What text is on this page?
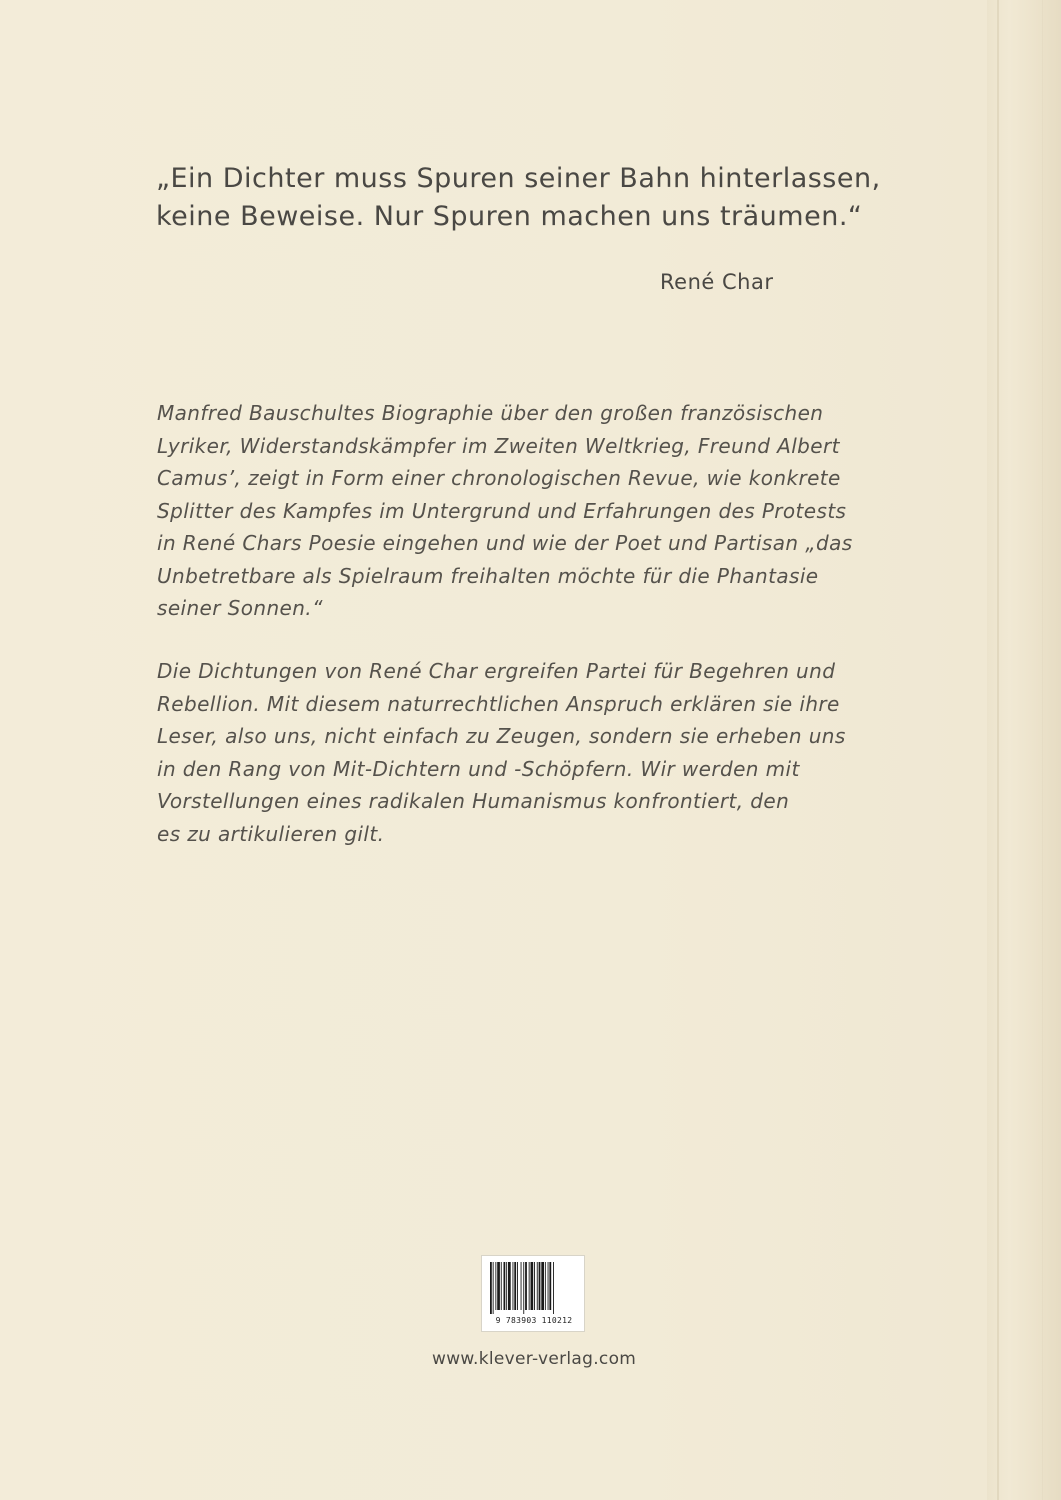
„Ein Dichter muss Spuren seiner Bahn hinterlassen,
keine Beweise. Nur Spuren machen uns träumen.“
René Char
Manfred Bauschultes Biographie über den großen französischen
Lyriker, Widerstandskämpfer im Zweiten Weltkrieg, Freund Albert
Camus’, zeigt in Form einer chronologischen Revue, wie konkrete
Splitter des Kampfes im Untergrund und Erfahrungen des Protests
in René Chars Poesie eingehen und wie der Poet und Partisan „das
Unbetretbare als Spielraum freihalten möchte für die Phantasie
seiner Sonnen.“
Die Dichtungen von René Char ergreifen Partei für Begehren und
Rebellion. Mit diesem naturrechtlichen Anspruch erklären sie ihre
Leser, also uns, nicht einfach zu Zeugen, sondern sie erheben uns
in den Rang von Mit-Dichtern und -Schöpfern. Wir werden mit
Vorstellungen eines radikalen Humanismus konfrontiert, den
es zu artikulieren gilt.
9 783903 110212
www.klever-verlag.com
